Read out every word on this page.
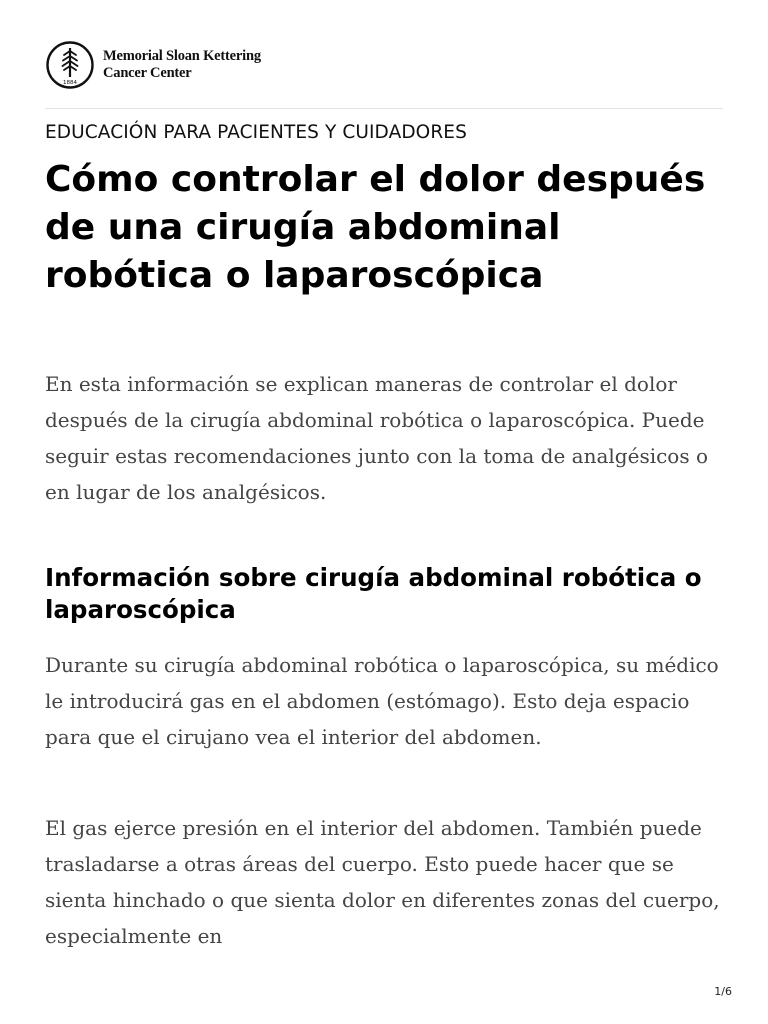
1884
Memorial Sloan Kettering
Cancer Center
EDUCACIÓN PARA PACIENTES Y CUIDADORES
Cómo controlar el dolor después de una cirugía abdominal robótica o laparoscópica

En esta información se explican maneras de controlar el dolor después de la cirugía abdominal robótica o laparoscópica. Puede seguir estas recomendaciones junto con la toma de analgésicos o en lugar de los analgésicos.

Información sobre cirugía abdominal robótica o laparoscópica

Durante su cirugía abdominal robótica o laparoscópica, su médico le introducirá gas en el abdomen (estómago). Esto deja espacio para que el cirujano vea el interior del abdomen.

El gas ejerce presión en el interior del abdomen. También puede trasladarse a otras áreas del cuerpo. Esto puede hacer que se sienta hinchado o que sienta dolor en diferentes zonas del cuerpo, especialmente en

1/6
